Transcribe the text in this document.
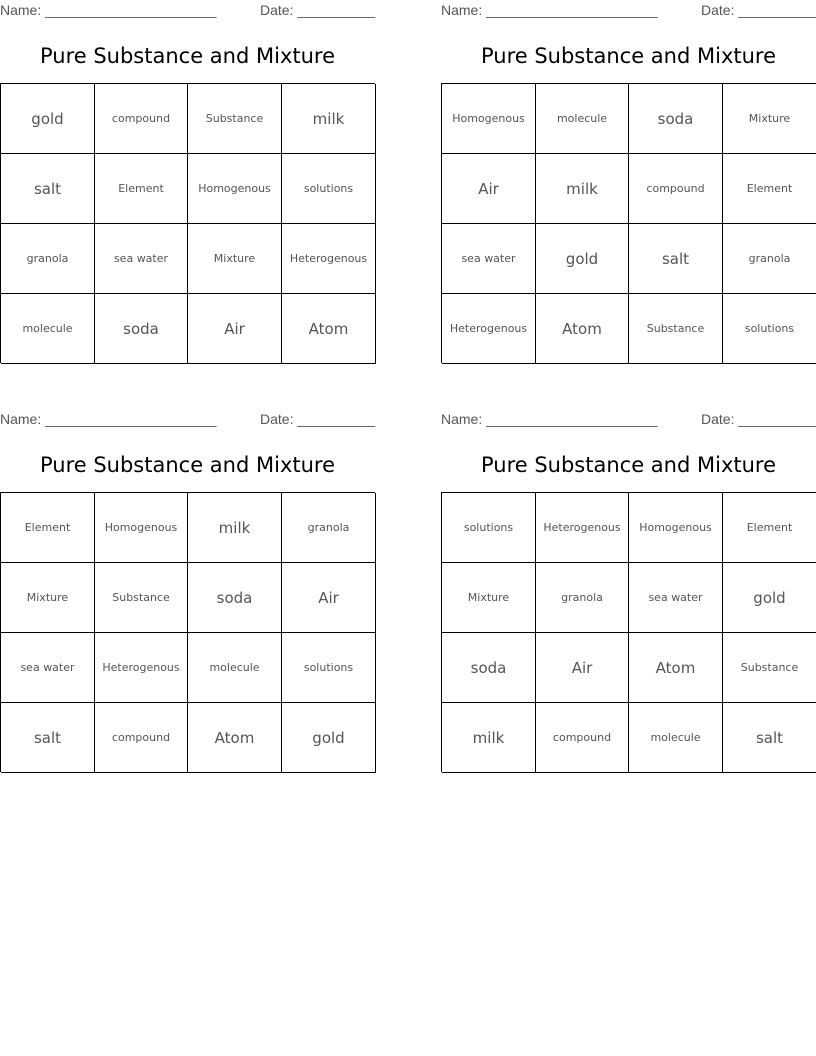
Name: ______________________	Date: __________
Pure Substance and Mixture
gold	compound	Substance	milk
salt	Element	Homogenous	solutions
granola	sea water	Mixture	Heterogenous
molecule	soda	Air	Atom
Name: ______________________	Date: __________
Pure Substance and Mixture
Homogenous	molecule	soda	Mixture
Air	milk	compound	Element
sea water	gold	salt	granola
Heterogenous	Atom	Substance	solutions
Name: ______________________	Date: __________
Pure Substance and Mixture
Element	Homogenous	milk	granola
Mixture	Substance	soda	Air
sea water	Heterogenous	molecule	solutions
salt	compound	Atom	gold
Name: ______________________	Date: __________
Pure Substance and Mixture
solutions	Heterogenous	Homogenous	Element
Mixture	granola	sea water	gold
soda	Air	Atom	Substance
milk	compound	molecule	salt
